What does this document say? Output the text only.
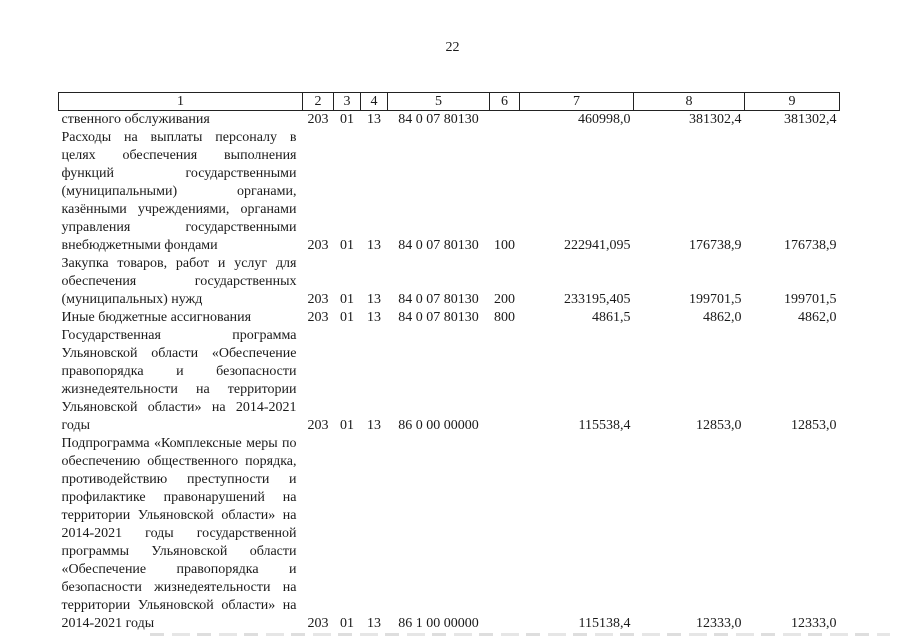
22
1	2	3	4	5	6	7	8	9
ственного обслуживания	203	01	13	84 0 07 80130		460998,0	381302,4	381302,4
Расходы на выплаты персоналу в целях обеспечения выполнения функций государственными (муниципальными) органами, казёнными учреждениями, органами управления государственными внебюджетными фондами	203	01	13	84 0 07 80130	100	222941,095	176738,9	176738,9
Закупка товаров, работ и услуг для обеспечения государственных (муниципальных) нужд	203	01	13	84 0 07 80130	200	233195,405	199701,5	199701,5
Иные бюджетные ассигнования	203	01	13	84 0 07 80130	800	4861,5	4862,0	4862,0
Государственная программа Ульяновской области «Обеспечение правопорядка и безопасности жизнедеятельности на территории Ульяновской области» на 2014-2021 годы	203	01	13	86 0 00 00000		115538,4	12853,0	12853,0
Подпрограмма «Комплексные меры по обеспечению общественного порядка, противодействию преступности и профилактике правонарушений на территории Ульяновской области» на 2014-2021 годы государственной программы Ульяновской области «Обеспечение правопорядка и безопасности жизнедеятельности на территории Ульяновской области» на 2014-2021 годы	203	01	13	86 1 00 00000		115138,4	12333,0	12333,0
